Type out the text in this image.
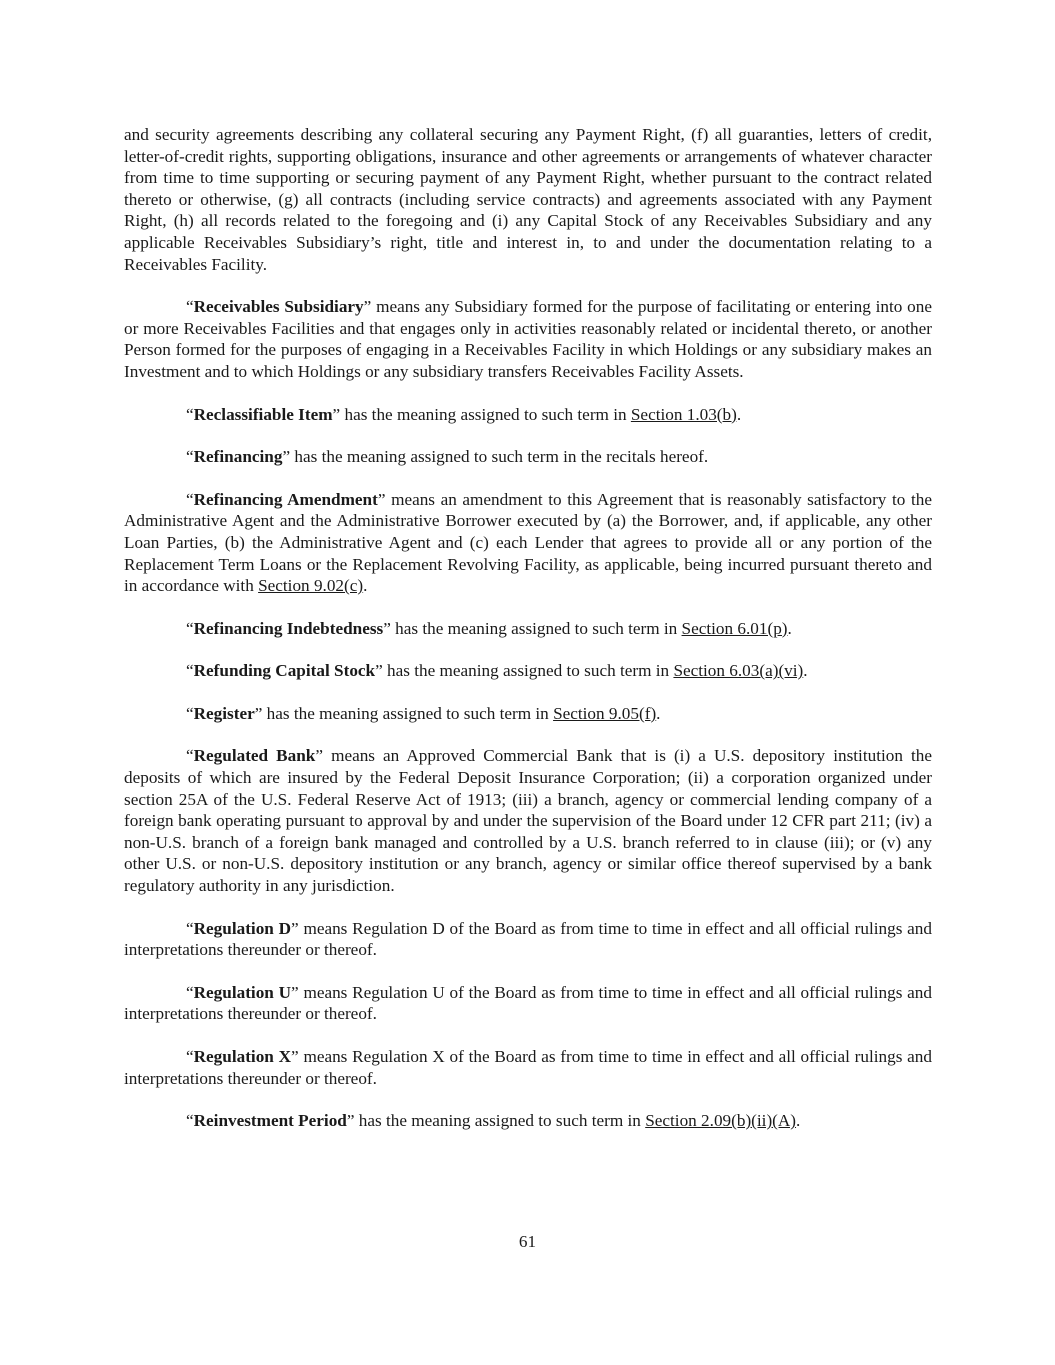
and security agreements describing any collateral securing any Payment Right, (f) all guaranties, letters of credit, letter-of-credit rights, supporting obligations, insurance and other agreements or arrangements of whatever character from time to time supporting or securing payment of any Payment Right, whether pursuant to the contract related thereto or otherwise, (g) all contracts (including service contracts) and agreements associated with any Payment Right, (h) all records related to the foregoing and (i) any Capital Stock of any Receivables Subsidiary and any applicable Receivables Subsidiary’s right, title and interest in, to and under the documentation relating to a Receivables Facility.

“Receivables Subsidiary” means any Subsidiary formed for the purpose of facilitating or entering into one or more Receivables Facilities and that engages only in activities reasonably related or incidental thereto, or another Person formed for the purposes of engaging in a Receivables Facility in which Holdings or any subsidiary makes an Investment and to which Holdings or any subsidiary transfers Receivables Facility Assets.

“Reclassifiable Item” has the meaning assigned to such term in Section 1.03(b).

“Refinancing” has the meaning assigned to such term in the recitals hereof.

“Refinancing Amendment” means an amendment to this Agreement that is reasonably satisfactory to the Administrative Agent and the Administrative Borrower executed by (a) the Borrower, and, if applicable, any other Loan Parties, (b) the Administrative Agent and (c) each Lender that agrees to provide all or any portion of the Replacement Term Loans or the Replacement Revolving Facility, as applicable, being incurred pursuant thereto and in accordance with Section 9.02(c).

“Refinancing Indebtedness” has the meaning assigned to such term in Section 6.01(p).

“Refunding Capital Stock” has the meaning assigned to such term in Section 6.03(a)(vi).

“Register” has the meaning assigned to such term in Section 9.05(f).

“Regulated Bank” means an Approved Commercial Bank that is (i) a U.S. depository institution the deposits of which are insured by the Federal Deposit Insurance Corporation; (ii) a corporation organized under section 25A of the U.S. Federal Reserve Act of 1913; (iii) a branch, agency or commercial lending company of a foreign bank operating pursuant to approval by and under the supervision of the Board under 12 CFR part 211; (iv) a non-U.S. branch of a foreign bank managed and controlled by a U.S. branch referred to in clause (iii); or (v) any other U.S. or non-U.S. depository institution or any branch, agency or similar office thereof supervised by a bank regulatory authority in any jurisdiction.

“Regulation D” means Regulation D of the Board as from time to time in effect and all official rulings and interpretations thereunder or thereof.

“Regulation U” means Regulation U of the Board as from time to time in effect and all official rulings and interpretations thereunder or thereof.

“Regulation X” means Regulation X of the Board as from time to time in effect and all official rulings and interpretations thereunder or thereof.

“Reinvestment Period” has the meaning assigned to such term in Section 2.09(b)(ii)(A).

61
